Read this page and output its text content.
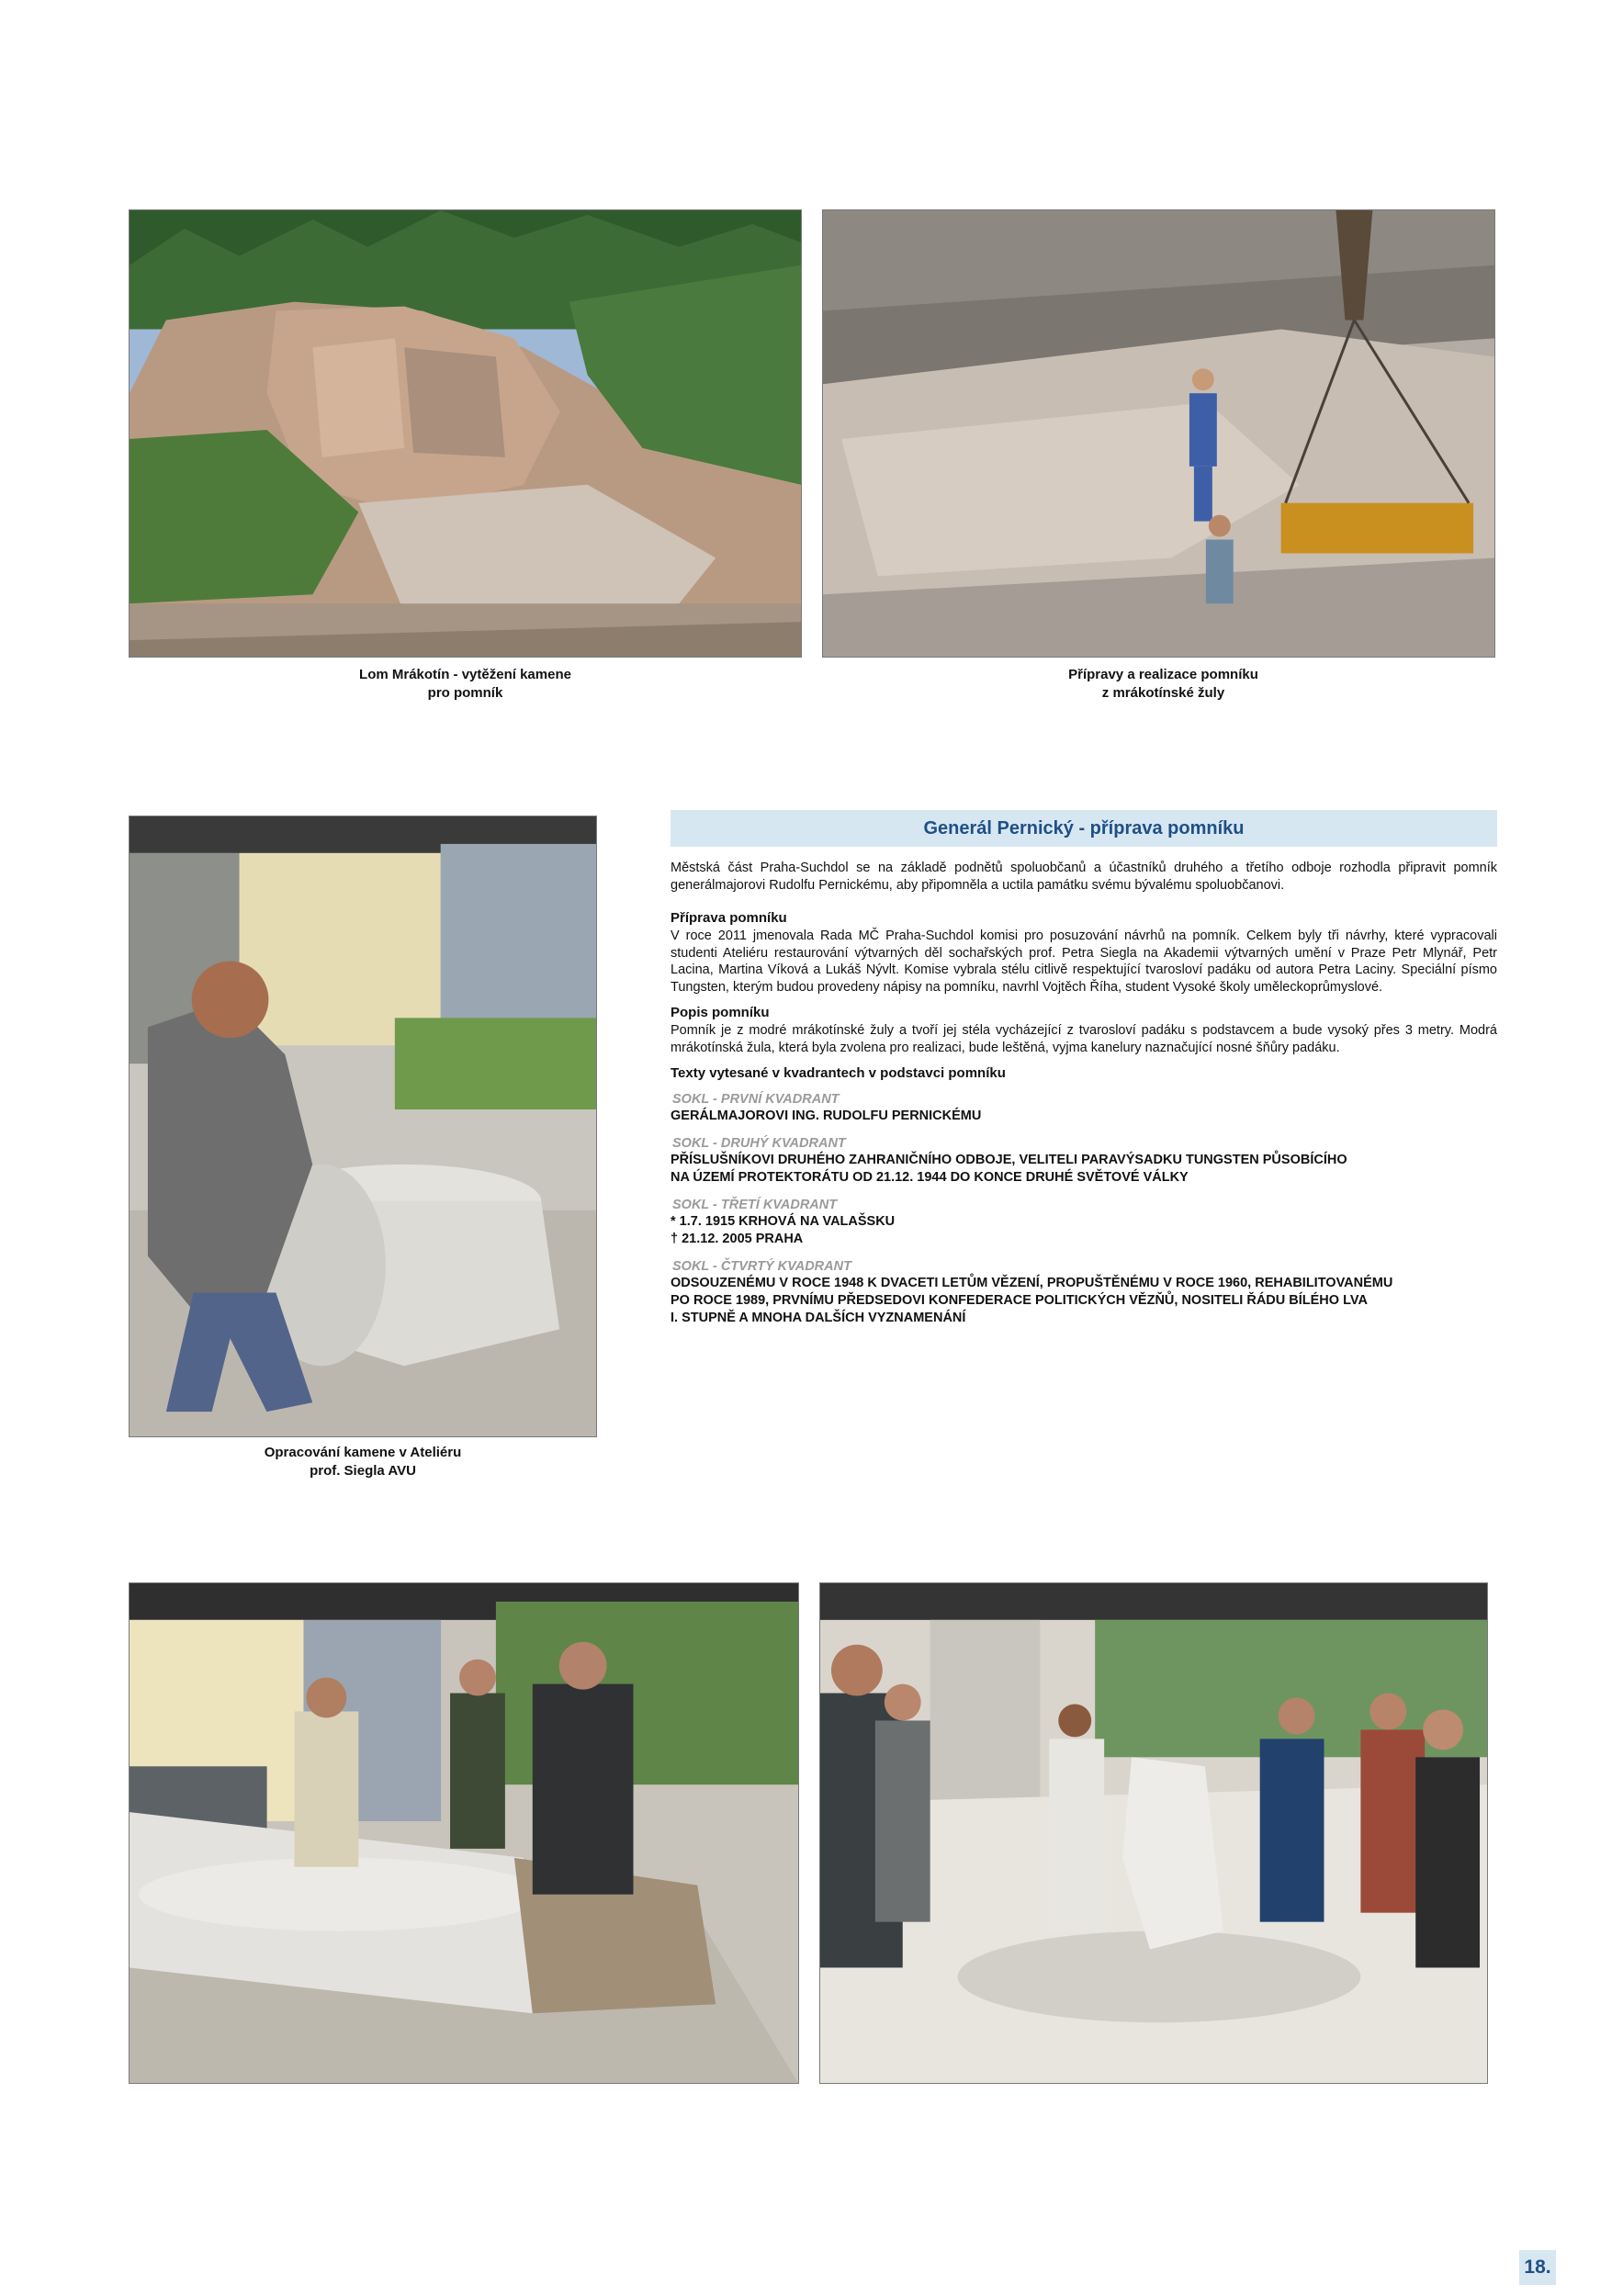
Lom Mrákotín - vytěžení kamene
pro pomník
Přípravy a realizace pomníku
z mrákotínské žuly
Opracování kamene v Ateliéru
prof. Siegla AVU
Generál Pernický - příprava pomníku

Městská část Praha-Suchdol se na základě podnětů spoluobčanů a účastníků druhého a třetího odboje rozhodla připravit pomník generálmajorovi Rudolfu Pernickému, aby připomněla a uctila památku svému bývalému spoluobčanovi.

Příprava pomníku

V roce 2011 jmenovala Rada MČ Praha-Suchdol komisi pro posuzování návrhů na pomník. Celkem byly tři návrhy, které vypracovali studenti Ateliéru restaurování výtvarných děl sochařských prof. Petra Siegla na Akademii výtvarných umění v Praze Petr Mlynář, Petr Lacina, Martina Víková a Lukáš Nývlt. Komise vybrala stélu citlivě respektující tvarosloví padáku od autora Petra Laciny. Speciální písmo Tungsten, kterým budou provedeny nápisy na pomníku, navrhl Vojtěch Říha, student Vysoké školy uměleckoprůmyslové.

Popis pomníku

Pomník je z modré mrákotínské žuly a tvoří jej stéla vycházející z tvarosloví padáku s podstavcem a bude vysoký přes 3 metry. Modrá mrákotínská žula, která byla zvolena pro realizaci, bude leštěná, vyjma kanelury naznačující nosné šňůry padáku.

Texty vytesané v kvadrantech v podstavci pomníku
SOKL - PRVNÍ KVADRANT

GERÁLMAJOROVI ING. RUDOLFU PERNICKÉMU

SOKL - DRUHÝ KVADRANT

PŘÍSLUŠNÍKOVI DRUHÉHO ZAHRANIČNÍHO ODBOJE, VELITELI PARAVÝSADKU TUNGSTEN PŮSOBÍCÍHO
NA ÚZEMÍ PROTEKTORÁTU OD 21.12. 1944 DO KONCE DRUHÉ SVĚTOVÉ VÁLKY

SOKL - TŘETÍ KVADRANT

* 1.7. 1915 KRHOVÁ NA VALAŠSKU
† 21.12. 2005 PRAHA

SOKL - ČTVRTÝ KVADRANT

ODSOUZENÉMU V ROCE 1948 K DVACETI LETŮM VĚZENÍ, PROPUŠTĚNÉMU V ROCE 1960, REHABILITOVANÉMU
PO ROCE 1989, PRVNÍMU PŘEDSEDOVI KONFEDERACE POLITICKÝCH VĚZŇŮ, NOSITELI ŘÁDU BÍLÉHO LVA
I. STUPNĚ A MNOHA DALŠÍCH VYZNAMENÁNÍ

18.
